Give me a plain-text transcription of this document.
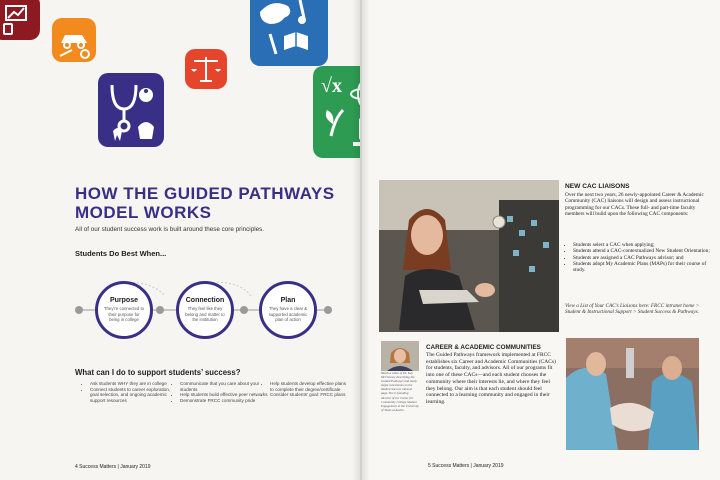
√x
HOW THE GUIDED PATHWAYS MODEL WORKS
All of our student success work is built around these core principles.
Students Do Best When...
Purpose
They’re connected to their purpose for being in college
Connection
They feel like they belong and matter to the institution
Plan
They have a clear & supported academic plan of action
What can I do to support students’ success?
• Ask students WHY they are in college
• Connect students to career exploration, goal selection, and ongoing academic support resources
• Communicate that you care about your students
• Help students build effective peer networks
• Demonstrate FRCC community pride
• Help students develop effective plans to complete their degree/certificate
• Consider students’ goal: FRCC plans
4 Success Matters | January 2019
NEW CAC LIAISONS

Over the next two years, 26 newly-appointed Career & Academic Community (CAC) liaisons will design and assess instructional programming for our CACs. These full- and part-time faculty members will build upon the following CAC components:

• Students select a CAC when applying;
• Students attend a CAC-contextualized New Student Orientation;
• Students are assigned a CAC Pathways advisor; and
• Students adopt My Academic Plans (MAPs) for their course of study.

View a List of Your CAC’s Liaisons here: FRCC intranet home > Student & Instructional Support > Student Success & Pathways.

Watch a video of Dr. Kay McClenney describing the Guided Pathways and many major movements on the Student Success intranet page. She is founding director of the Center for Community College Student Engagement at the University of Texas at Austin.

CAREER & ACADEMIC COMMUNITIES

The Guided Pathways framework implemented at FRCC establishes six Career and Academic Communities (CACs) for students, faculty, and advisors. All of our programs fit into one of these CACs—and each student chooses the community where their interests lie, and where they feel they belong. Our aim is that each student should feel connected to a learning community and engaged in their learning.

5 Success Matters | January 2019
